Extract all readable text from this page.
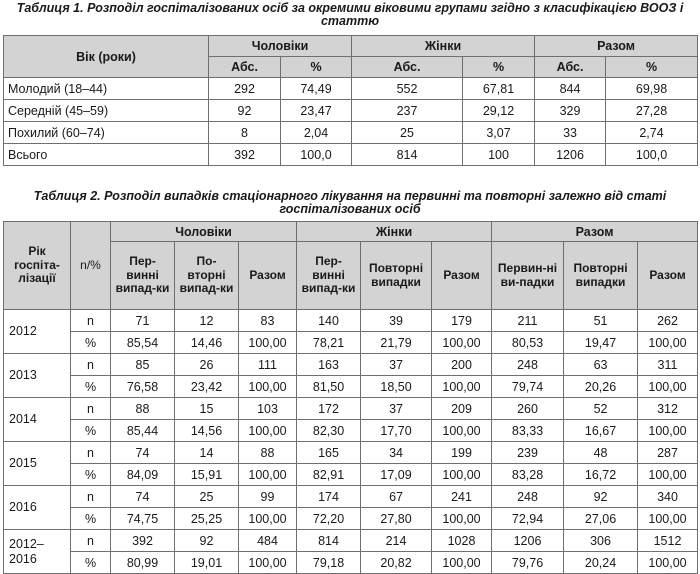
Таблиця 1. Розподіл госпіталізованих осіб за окремими віковими групами згідно з класифікацією ВООЗ і статтю
Вік (роки)	Чоловіки		Жінки		Разом	
	Абс.	%	Абс.	%	Абс.	%
Молодий (18–44)	292	74,49	552	67,81	844	69,98
Середній (45–59)	92	23,47	237	29,12	329	27,28
Похилий (60–74)	8	2,04	25	3,07	33	2,74
Всього	392	100,0	814	100	1206	100,0
Таблиця 2. Розподіл випадків стаціонарного лікування на первинні та повторні залежно від статі госпіталізованих осіб
Рік госпіта-лізації	n/%	Чоловіки			Жінки			Разом		
		Пер-винні випад-ки	По-вторні випад-ки	Разом	Пер-винні випад-ки	Повторні випадки	Разом	Первин-ні ви-падки	Повторні випадки	Разом
2012	n	71	12	83	140	39	179	211	51	262
	%	85,54	14,46	100,00	78,21	21,79	100,00	80,53	19,47	100,00
2013	n	85	26	111	163	37	200	248	63	311
	%	76,58	23,42	100,00	81,50	18,50	100,00	79,74	20,26	100,00
2014	n	88	15	103	172	37	209	260	52	312
	%	85,44	14,56	100,00	82,30	17,70	100,00	83,33	16,67	100,00
2015	n	74	14	88	165	34	199	239	48	287
	%	84,09	15,91	100,00	82,91	17,09	100,00	83,28	16,72	100,00
2016	n	74	25	99	174	67	241	248	92	340
	%	74,75	25,25	100,00	72,20	27,80	100,00	72,94	27,06	100,00
2012–2016	n	392	92	484	814	214	1028	1206	306	1512
	%	80,99	19,01	100,00	79,18	20,82	100,00	79,76	20,24	100,00
